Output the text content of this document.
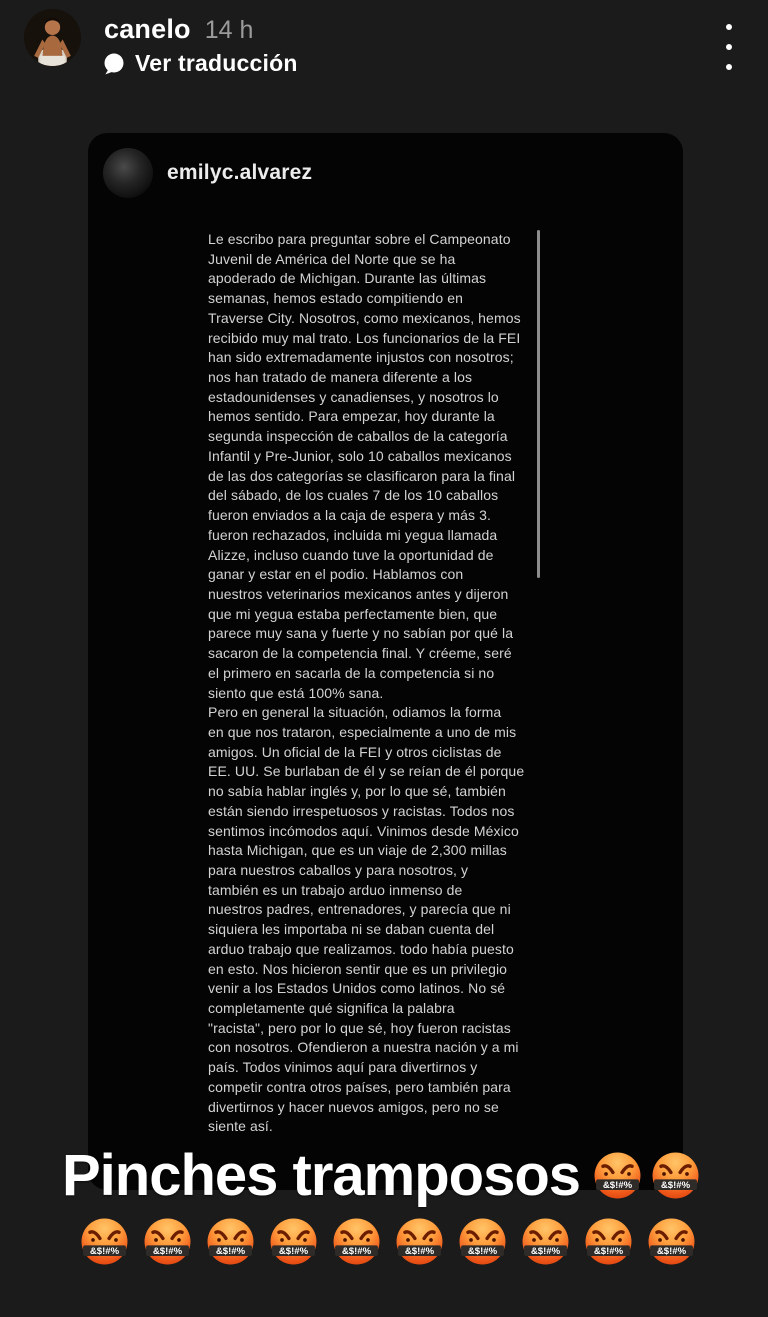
canelo 14 h
Ver traducción
emilyc.alvarez
Le escribo para preguntar sobre el Campeonato
Juvenil de América del Norte que se ha
apoderado de Michigan. Durante las últimas
semanas, hemos estado compitiendo en
Traverse City. Nosotros, como mexicanos, hemos
recibido muy mal trato. Los funcionarios de la FEI
han sido extremadamente injustos con nosotros;
nos han tratado de manera diferente a los
estadounidenses y canadienses, y nosotros lo
hemos sentido. Para empezar, hoy durante la
segunda inspección de caballos de la categoría
Infantil y Pre-Junior, solo 10 caballos mexicanos
de las dos categorías se clasificaron para la final
del sábado, de los cuales 7 de los 10 caballos
fueron enviados a la caja de espera y más 3.
fueron rechazados, incluida mi yegua llamada
Alizze, incluso cuando tuve la oportunidad de
ganar y estar en el podio. Hablamos con
nuestros veterinarios mexicanos antes y dijeron
que mi yegua estaba perfectamente bien, que
parece muy sana y fuerte y no sabían por qué la
sacaron de la competencia final. Y créeme, seré
el primero en sacarla de la competencia si no
siento que está 100% sana.
Pero en general la situación, odiamos la forma
en que nos trataron, especialmente a uno de mis
amigos. Un oficial de la FEI y otros ciclistas de
EE. UU. Se burlaban de él y se reían de él porque
no sabía hablar inglés y, por lo que sé, también
están siendo irrespetuosos y racistas. Todos nos
sentimos incómodos aquí. Vinimos desde México
hasta Michigan, que es un viaje de 2,300 millas
para nuestros caballos y para nosotros, y
también es un trabajo arduo inmenso de
nuestros padres, entrenadores, y parecía que ni
siquiera les importaba ni se daban cuenta del
arduo trabajo que realizamos. todo había puesto
en esto. Nos hicieron sentir que es un privilegio
venir a los Estados Unidos como latinos. No sé
completamente qué significa la palabra
"racista", pero por lo que sé, hoy fueron racistas
con nosotros. Ofendieron a nuestra nación y a mi
país. Todos vinimos aquí para divertirnos y
competir contra otros países, pero también para
divertirnos y hacer nuevos amigos, pero no se
siente así.
Pinches tramposos &$!#% &$!#%
&$!#%	&$!#%	&$!#%	&$!#%	&$!#%	&$!#%	&$!#%	&$!#%	&$!#%	&$!#%
